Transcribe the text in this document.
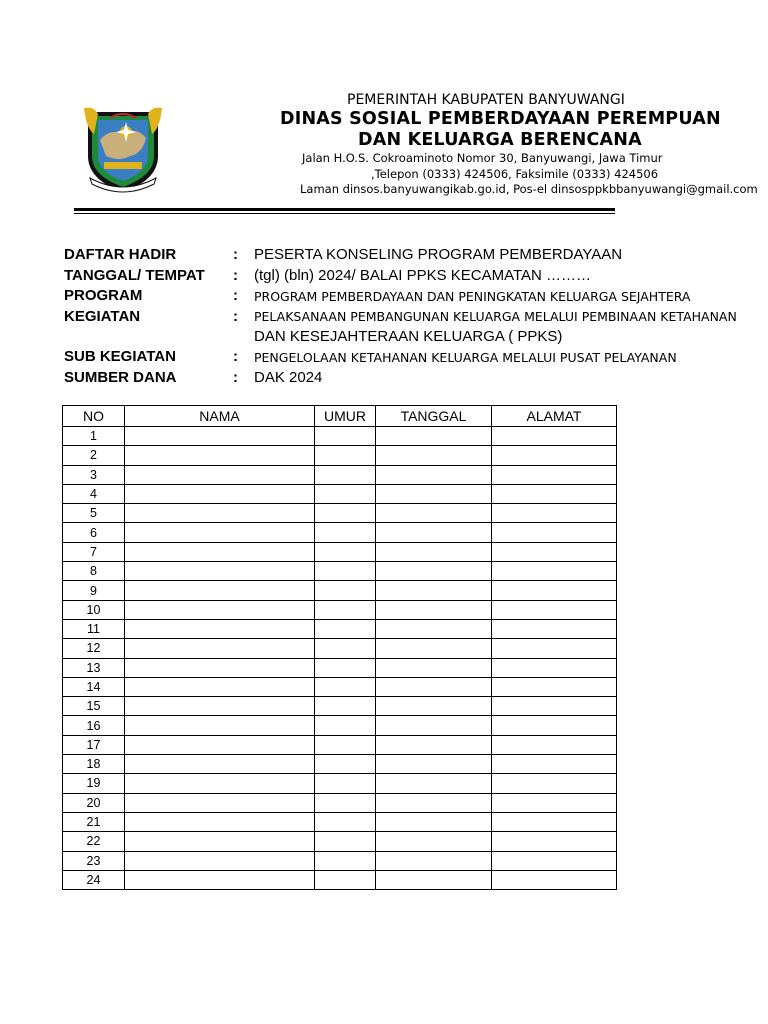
PEMERINTAH KABUPATEN BANYUWANGI
DINAS SOSIAL PEMBERDAYAAN PEREMPUAN
DAN KELUARGA BERENCANA
Jalan H.O.S. Cokroaminoto Nomor 30, Banyuwangi, Jawa Timur
,Telepon (0333) 424506, Faksimile (0333) 424506
Laman dinsos.banyuwangikab.go.id, Pos-el dinsosppkbbanyuwangi@gmail.com
DAFTAR HADIR	: PESERTA KONSELING PROGRAM PEMBERDAYAAN
TANGGAL/ TEMPAT : (tgl) (bln) 2024/ BALAI PPKS KECAMATAN ………
PROGRAM	: PROGRAM PEMBERDAYAAN DAN PENINGKATAN KELUARGA SEJAHTERA
KEGIATAN	: PELAKSANAAN PEMBANGUNAN KELUARGA MELALUI PEMBINAAN KETAHANAN
DAN KESEJAHTERAAN KELUARGA ( PPKS)
SUB KEGIATAN	: PENGELOLAAN KETAHANAN KELUARGA MELALUI PUSAT PELAYANAN
SUMBER DANA	: DAK 2024
NO	NAMA	UMUR	TANGGAL	ALAMAT
1				
2				
3				
4				
5				
6				
7				
8				
9				
10				
11				
12				
13				
14				
15				
16				
17				
18				
19				
20				
21				
22				
23				
24				
